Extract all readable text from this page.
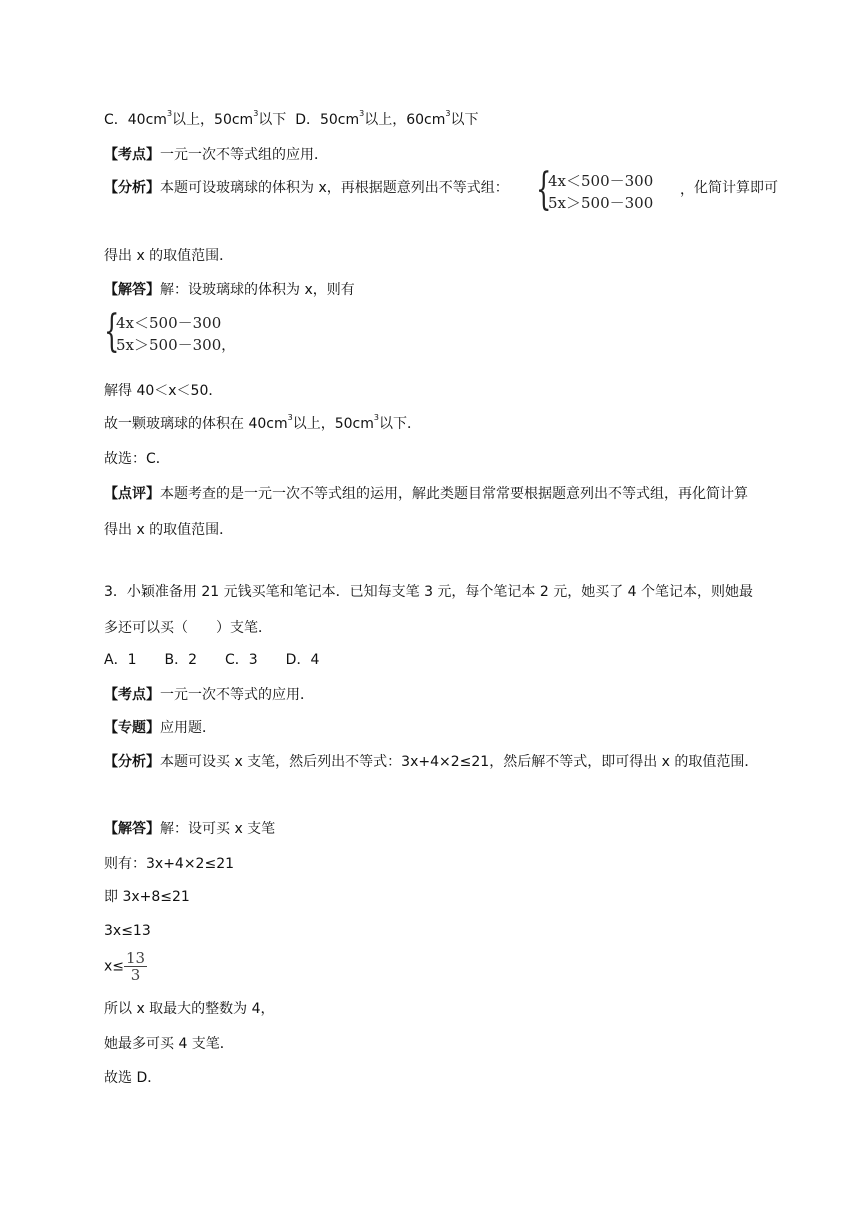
C．$40cm^3$以上，$50cm^3$以下 D．$50cm^3$以上，$60cm^3$以下
【考点】一元一次不等式组的应用．
【分析】本题可设玻璃球的体积为 x，再根据题意列出不等式组： {
4x＜500－300
5x＞500－300
， 化简计算即可
得出 x 的取值范围．
【解答】解：设玻璃球的体积为 x，则有
{
4x＜500－300
5x＞500－300 ，
解得 40＜x＜50．
故一颗玻璃球的体积在 $40cm^3$以上，$50cm^3$以下．
故选：C．
【点评】本题考查的是一元一次不等式组的运用，解此类题目常常要根据题意列出不等式组，再化简计算得出 x 的取值范围．
3．小颖准备用 21 元钱买笔和笔记本．已知每支笔 3 元，每个笔记本 2 元，她买了 4 个笔记本，则她最多还可以买（　　）支笔．
A．1　　B．2　　C．3　　D．4
【考点】一元一次不等式的应用．
【专题】应用题．
【分析】本题可设买 x 支笔，然后列出不等式：3x+4×2≤21，然后解不等式，即可得出 x 的取值范围．
【解答】解：设可买 x 支笔
则有：3x+4×2≤21
即 3x+8≤21
3x≤13
$x\le \frac{13}{3}$
所以 x 取最大的整数为 4，
她最多可买 4 支笔．
故选 D．
